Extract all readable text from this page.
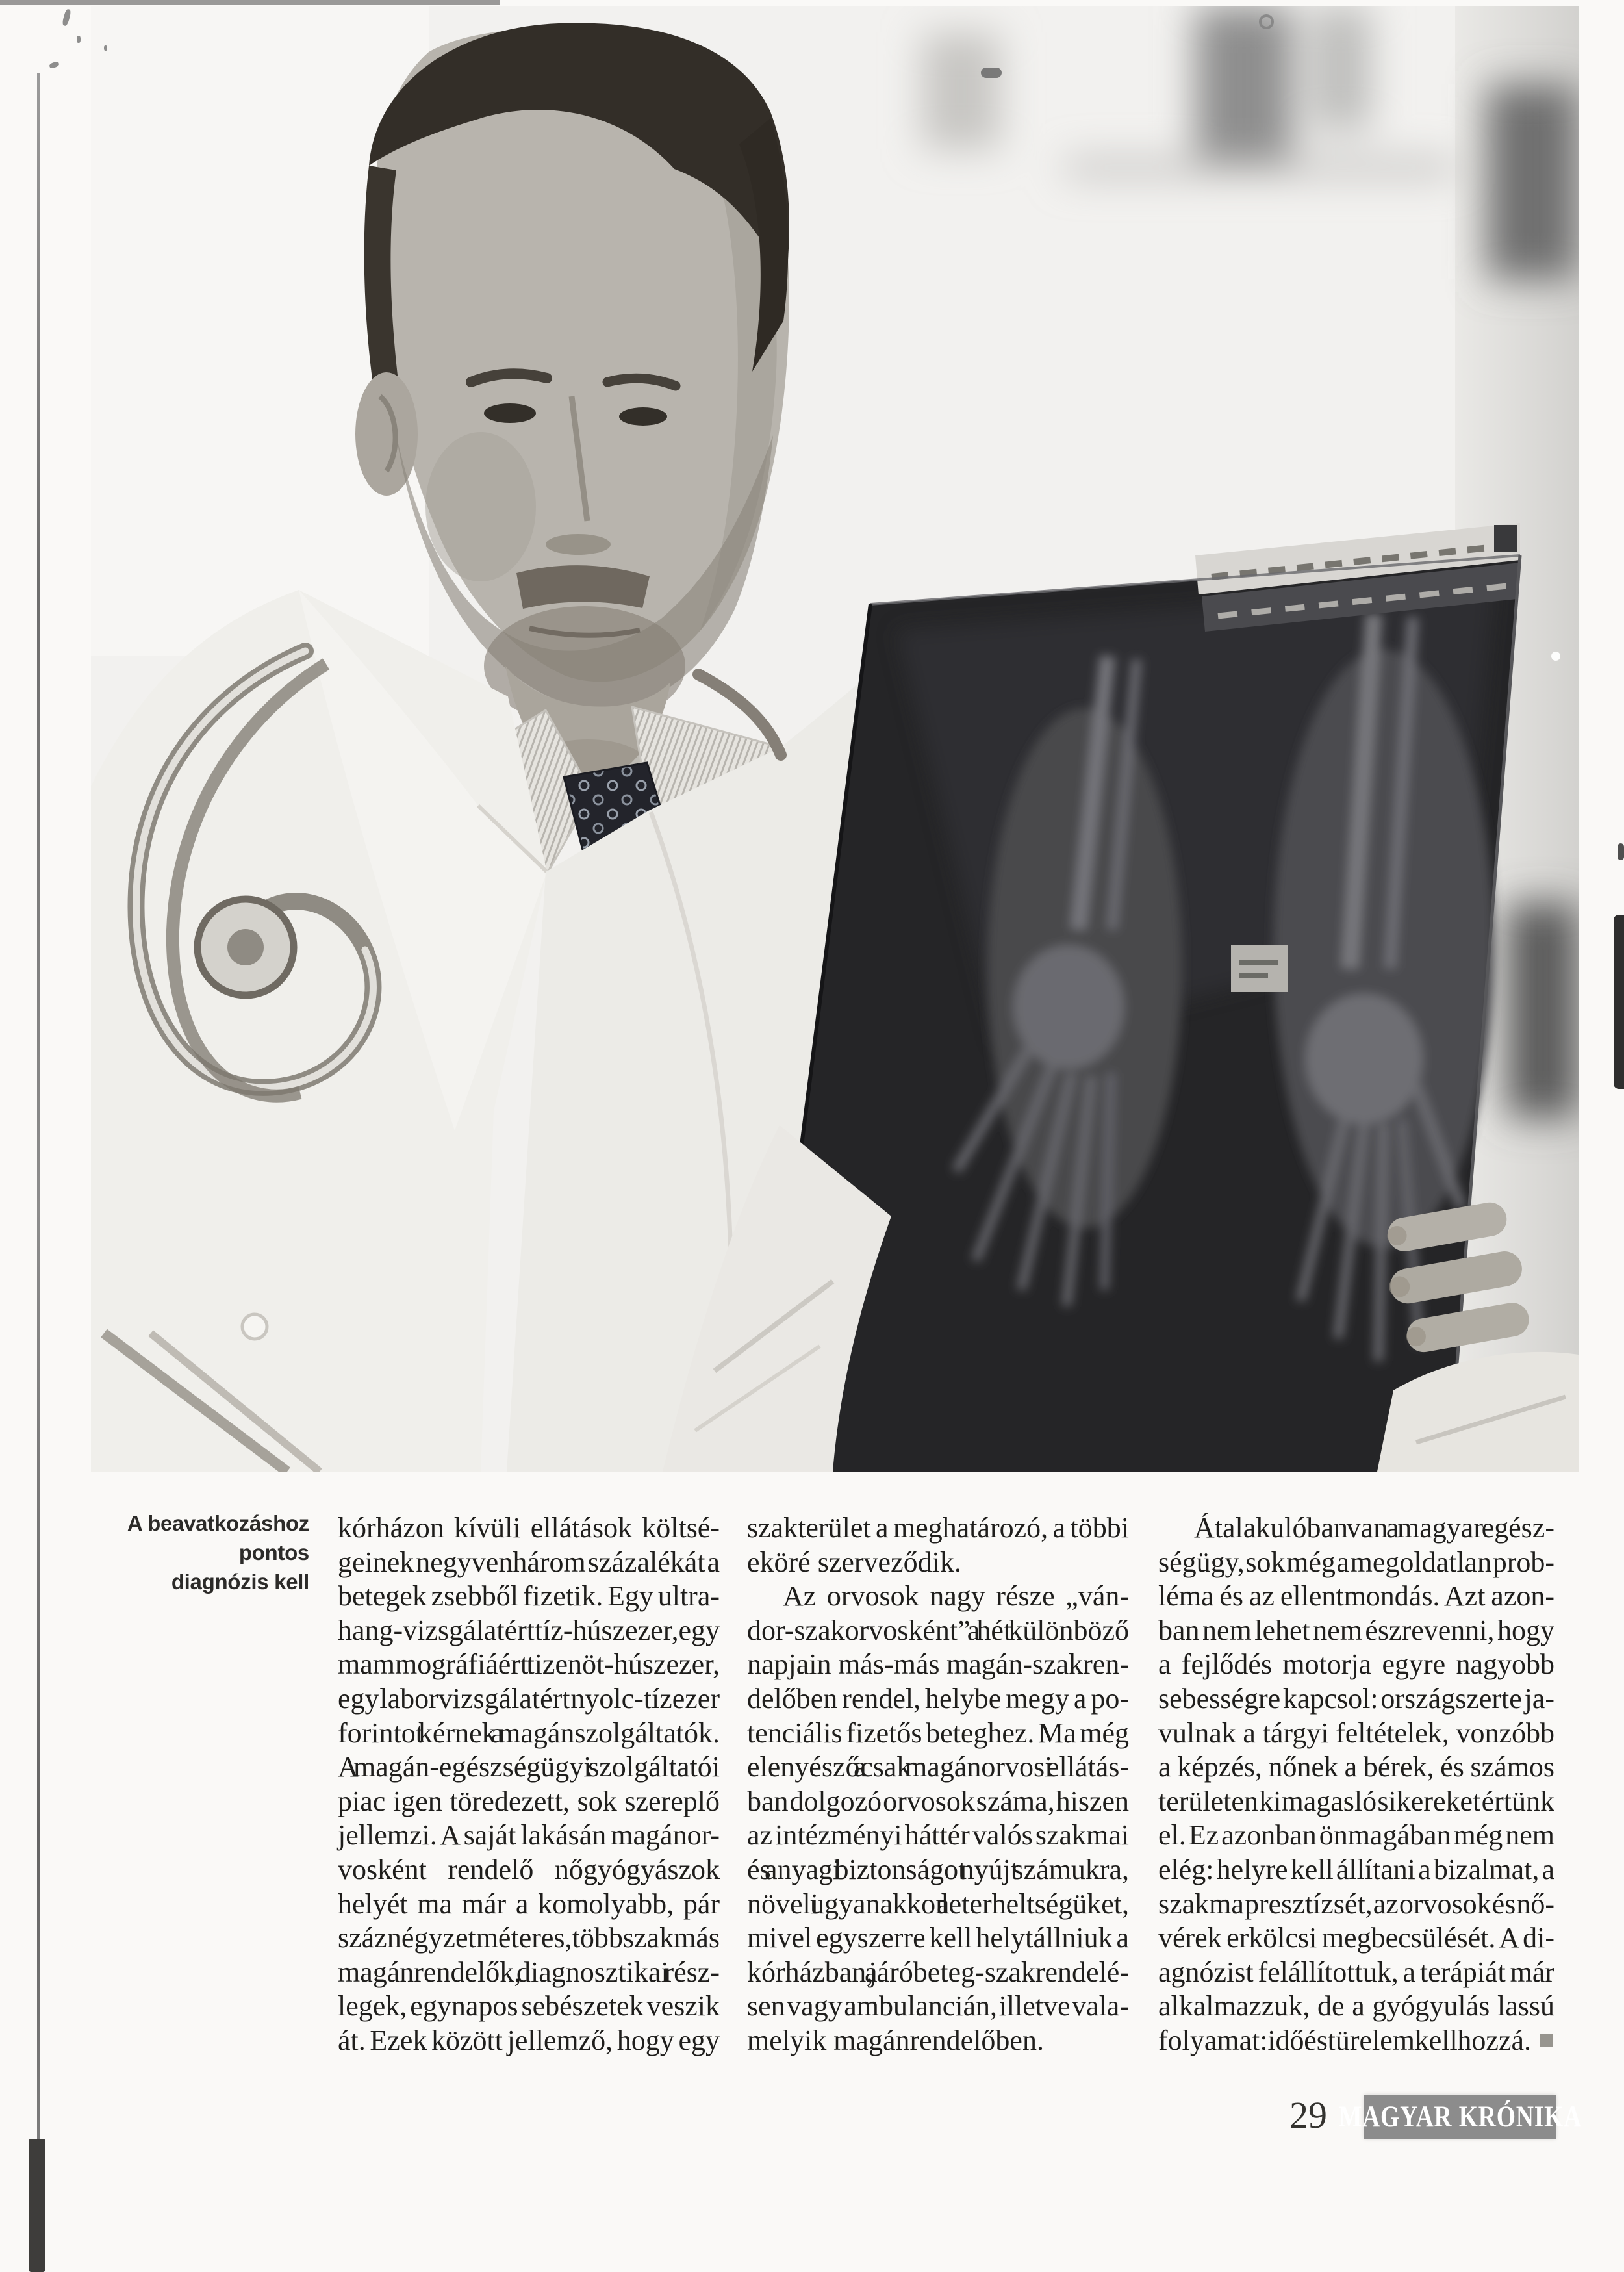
A beavatkozáshoz pontos
diagnózis kell
kórházon kívüli ellátások költsé-
geinek negyvenhárom százalékát a
betegek zsebből fizetik. Egy ultra-
hang-vizsgálatért tíz-húszezer, egy
mammográfiáért tizenöt-húszezer,
egy laborvizsgálatért nyolc-tízezer
forintot kérnek a magánszolgáltatók.
A magán-egészségügyi szolgáltatói
piac igen töredezett, sok szereplő
jellemzi. A saját lakásán magánor-
vosként rendelő nőgyógyászok
helyét ma már a komolyabb, pár
száz négyzetméteres, többszakmás
magánrendelők, diagnosztikai rész-
legek, egynapos sebészetek veszik
át. Ezek között jellemző, hogy egy
szakterület a meghatározó, a többi
eköré szerveződik.
Az orvosok nagy része „ván-
dor-szakorvosként” a hét különböző
napjain más-más magán-szakren-
delőben rendel, helybe megy a po-
tenciális fizetős beteghez. Ma még
elenyésző a csak magánorvosi ellátás-
ban dolgozó orvosok száma, hiszen
az intézményi háttér valós szakmai
és anyagi biztonságot nyújt számukra,
növeli ugyanakkor a leterheltségüket,
mivel egyszerre kell helytállniuk a
kórházban, a járóbeteg-szakrendelé-
sen vagy ambulancián, illetve vala-
melyik magánrendelőben.
Átalakulóban van a magyar egész-
ségügy, sok még a megoldatlan prob-
léma és az ellentmondás. Azt azon-
ban nem lehet nem észrevenni, hogy
a fejlődés motorja egyre nagyobb
sebességre kapcsol: országszerte ja-
vulnak a tárgyi feltételek, vonzóbb
a képzés, nőnek a bérek, és számos
területen kimagasló sikereket értünk
el. Ez azonban önmagában még nem
elég: helyre kell állítani a bizalmat, a
szakma presztízsét, az orvosok és nő-
vérek erkölcsi megbecsülését. A di-
agnózist felállítottuk, a terápiát már
alkalmazzuk, de a gyógyulás lassú
folyamat: idő és türelem kell hozzá.
29 MAGYAR KRÓNIKA
